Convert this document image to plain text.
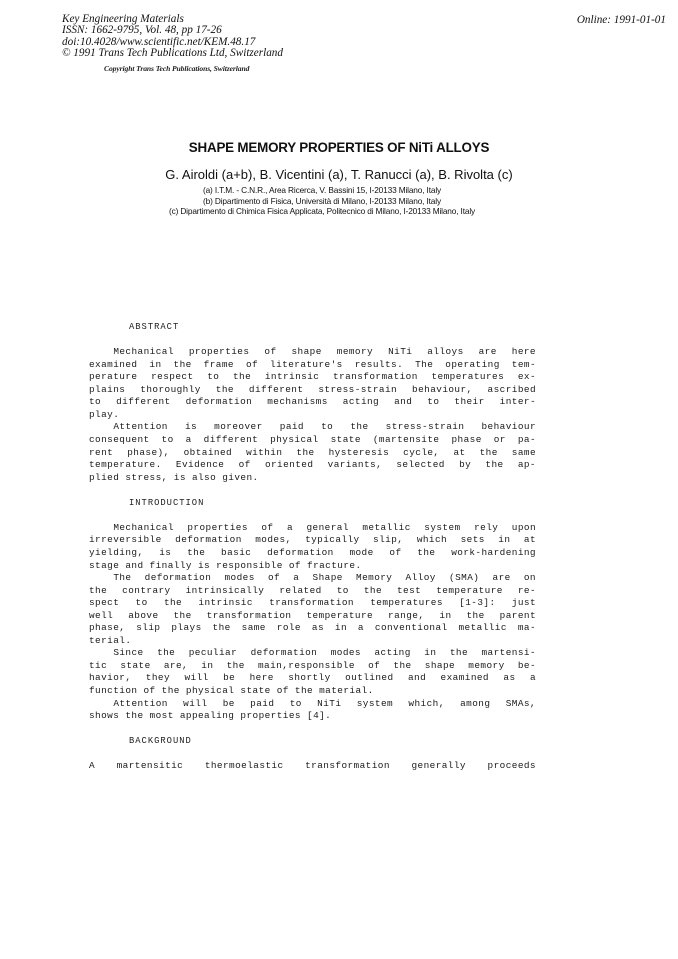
Key Engineering Materials
ISSN: 1662-9795, Vol. 48, pp 17-26
doi:10.4028/www.scientific.net/KEM.48.17
© 1991 Trans Tech Publications Ltd, Switzerland
Online: 1991-01-01
Copyright Trans Tech Publications, Switzerland
SHAPE MEMORY PROPERTIES OF NiTi ALLOYS
G. Airoldi (a+b), B. Vicentini (a), T. Ranucci (a), B. Rivolta (c)
(a) I.T.M. - C.N.R., Area Ricerca, V. Bassini 15, I-20133 Milano, Italy
(b) Dipartimento di Fisica, Università di Milano, I-20133 Milano, Italy
(c) Dipartimento di Chimica Fisica Applicata, Politecnico di Milano, I-20133 Milano, Italy
ABSTRACT
Mechanical properties of shape memory NiTi alloys are here
examined in the frame of literature's results. The operating tem-
perature respect to the intrinsic transformation temperatures ex-
plains thoroughly the different stress-strain behaviour, ascribed
to different deformation mechanisms acting and to their inter-
play.
Attention is moreover paid to the stress-strain behaviour
consequent to a different physical state (martensite phase or pa-
rent phase), obtained within the hysteresis cycle, at the same
temperature. Evidence of oriented variants, selected by the ap-
plied stress, is also given.
INTRODUCTION
Mechanical properties of a general metallic system rely upon
irreversible deformation modes, typically slip, which sets in at
yielding, is the basic deformation mode of the work-hardening
stage and finally is responsible of fracture.
The deformation modes of a Shape Memory Alloy (SMA) are on
the contrary intrinsically related to the test temperature re-
spect to the intrinsic transformation temperatures [1-3]: just
well above the transformation temperature range, in the parent
phase, slip plays the same role as in a conventional metallic ma-
terial.
Since the peculiar deformation modes acting in the martensi-
tic state are, in the main,responsible of the shape memory be-
havior, they will be here shortly outlined and examined as a
function of the physical state of the material.
Attention will be paid to NiTi system which, among SMAs,
shows the most appealing properties [4].
BACKGROUND
A martensitic thermoelastic transformation generally proceeds
